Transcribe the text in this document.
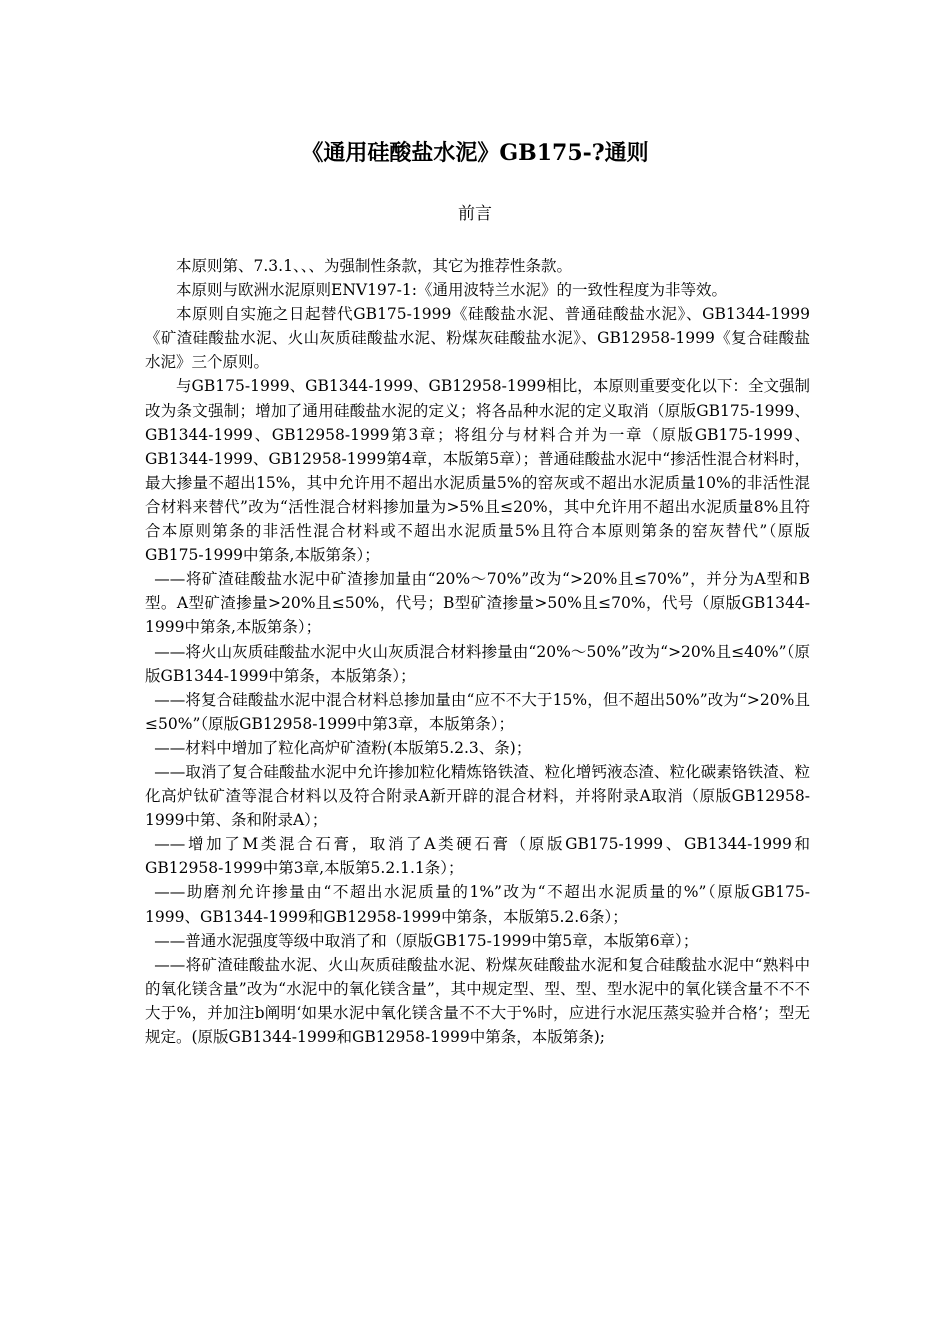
《通用硅酸盐水泥》GB175-?通则
前言

本原则第、7.3.1、、、为强制性条款，其它为推荐性条款。

本原则与欧洲水泥原则ENV197-1:《通用波特兰水泥》的一致性程度为非等效。

本原则自实施之日起替代GB175-1999《硅酸盐水泥、普通硅酸盐水泥》、GB1344-1999《矿渣硅酸盐水泥、火山灰质硅酸盐水泥、粉煤灰硅酸盐水泥》、GB12958-1999《复合硅酸盐水泥》三个原则。

与GB175-1999、GB1344-1999、GB12958-1999相比，本原则重要变化以下：全文强制改为条文强制；增加了通用硅酸盐水泥的定义；将各品种水泥的定义取消（原版GB175-1999、GB1344-1999、GB12958-1999第3章；将组分与材料合并为一章（原版GB175-1999、GB1344-1999、GB12958-1999第4章，本版第5章）；普通硅酸盐水泥中“掺活性混合材料时，最大掺量不超出15%，其中允许用不超出水泥质量5%的窑灰或不超出水泥质量10%的非活性混合材料来替代”改为“活性混合材料掺加量为>5%且≤20%，其中允许用不超出水泥质量8%且符合本原则第条的非活性混合材料或不超出水泥质量5%且符合本原则第条的窑灰替代”（原版GB175-1999中第条,本版第条）；

——将矿渣硅酸盐水泥中矿渣掺加量由“20%～70%”改为“>20%且≤70%”，并分为A型和B型。A型矿渣掺量>20%且≤50%，代号；B型矿渣掺量>50%且≤70%，代号（原版GB1344-1999中第条,本版第条）；

——将火山灰质硅酸盐水泥中火山灰质混合材料掺量由“20%～50%”改为“>20%且≤40%”（原版GB1344-1999中第条，本版第条）；

——将复合硅酸盐水泥中混合材料总掺加量由“应不不大于15%，但不超出50%”改为“>20%且≤50%”（原版GB12958-1999中第3章，本版第条）；

——材料中增加了粒化高炉矿渣粉(本版第5.2.3、条)；

——取消了复合硅酸盐水泥中允许掺加粒化精炼铬铁渣、粒化增钙液态渣、粒化碳素铬铁渣、粒化高炉钛矿渣等混合材料以及符合附录A新开辟的混合材料，并将附录A取消（原版GB12958-1999中第、条和附录A）；

——增加了M类混合石膏，取消了A类硬石膏（原版GB175-1999、GB1344-1999和GB12958-1999中第3章,本版第5.2.1.1条）；

——助磨剂允许掺量由“不超出水泥质量的1%”改为“不超出水泥质量的%”（原版GB175-1999、GB1344-1999和GB12958-1999中第条，本版第5.2.6条）；

——普通水泥强度等级中取消了和（原版GB175-1999中第5章，本版第6章）；

——将矿渣硅酸盐水泥、火山灰质硅酸盐水泥、粉煤灰硅酸盐水泥和复合硅酸盐水泥中“熟料中的氧化镁含量”改为“水泥中的氧化镁含量”，其中规定型、型、型、型水泥中的氧化镁含量不不不大于%，并加注b阐明‘如果水泥中氧化镁含量不不大于%时，应进行水泥压蒸实验并合格’；型无规定。(原版GB1344-1999和GB12958-1999中第条，本版第条);
